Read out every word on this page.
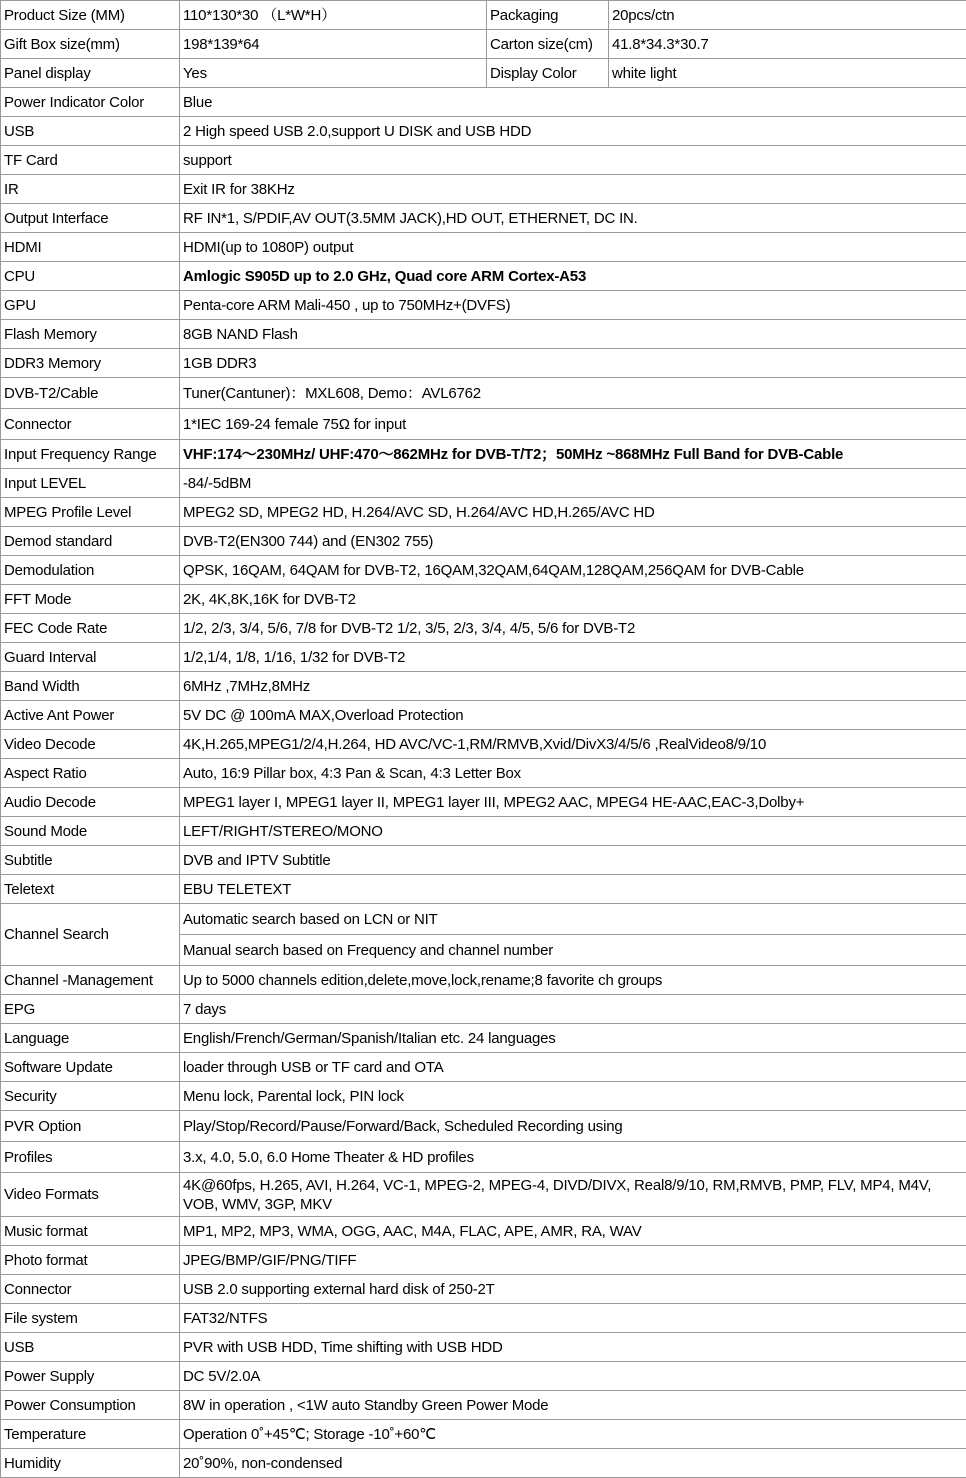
Product Size (MM)	110*130*30 （L*W*H）	Packaging	20pcs/ctn
Gift Box size(mm)	198*139*64	Carton size(cm)	41.8*34.3*30.7
Panel display	Yes	Display Color	white light
Power Indicator Color	Blue		
USB	2 High speed USB 2.0,support U DISK and USB HDD		
TF Card	support		
IR	Exit IR for 38KHz		
Output Interface	RF IN*1, S/PDIF,AV OUT(3.5MM JACK),HD OUT, ETHERNET, DC IN.		
HDMI	HDMI(up to 1080P) output		
CPU	Amlogic S905D up to 2.0 GHz, Quad core ARM Cortex-A53		
GPU	Penta-core ARM Mali-450 , up to 750MHz+(DVFS)		
Flash Memory	8GB NAND Flash		
DDR3 Memory	1GB DDR3		
DVB-T2/Cable	Tuner(Cantuner)：MXL608, Demo：AVL6762		
Connector	1*IEC 169-24 female 75Ω for input		
Input Frequency Range	VHF:174～230MHz/ UHF:470～862MHz for DVB-T/T2；50MHz ~868MHz Full Band for DVB-Cable		
Input LEVEL	-84/-5dBM		
MPEG Profile Level	MPEG2 SD, MPEG2 HD, H.264/AVC SD, H.264/AVC HD,H.265/AVC HD		
Demod standard	DVB-T2(EN300 744) and (EN302 755)		
Demodulation	QPSK, 16QAM, 64QAM for DVB-T2, 16QAM,32QAM,64QAM,128QAM,256QAM for DVB-Cable		
FFT Mode	2K, 4K,8K,16K for DVB-T2		
FEC Code Rate	1/2, 2/3, 3/4, 5/6, 7/8 for DVB-T2 1/2, 3/5, 2/3, 3/4, 4/5, 5/6 for DVB-T2		
Guard Interval	1/2,1/4, 1/8, 1/16, 1/32 for DVB-T2		
Band Width	6MHz ,7MHz,8MHz		
Active Ant Power	5V DC @ 100mA MAX,Overload Protection		
Video Decode	4K,H.265,MPEG1/2/4,H.264, HD AVC/VC-1,RM/RMVB,Xvid/DivX3/4/5/6 ,RealVideo8/9/10		
Aspect Ratio	Auto, 16:9 Pillar box, 4:3 Pan & Scan, 4:3 Letter Box		
Audio Decode	MPEG1 layer I, MPEG1 layer II, MPEG1 layer III, MPEG2 AAC, MPEG4 HE-AAC,EAC-3,Dolby+		
Sound Mode	LEFT/RIGHT/STEREO/MONO		
Subtitle	DVB and IPTV Subtitle		
Teletext	EBU TELETEXT		
Channel Search	Automatic search based on LCN or NIT		
	Manual search based on Frequency and channel number		
Channel -Management	Up to 5000 channels edition,delete,move,lock,rename;8 favorite ch groups		
EPG	7 days		
Language	English/French/German/Spanish/Italian etc. 24 languages		
Software Update	loader through USB or TF card and OTA		
Security	Menu lock, Parental lock, PIN lock		
PVR Option	Play/Stop/Record/Pause/Forward/Back, Scheduled Recording using		
Profiles	3.x, 4.0, 5.0, 6.0 Home Theater & HD profiles		
Video Formats	4K@60fps, H.265, AVI, H.264, VC-1, MPEG-2, MPEG-4, DIVD/DIVX, Real8/9/10, RM,RMVB, PMP, FLV, MP4, M4V, VOB, WMV, 3GP, MKV		
Music format	MP1, MP2, MP3, WMA, OGG, AAC, M4A, FLAC, APE, AMR, RA, WAV		
Photo format	JPEG/BMP/GIF/PNG/TIFF		
Connector	USB 2.0 supporting external hard disk of 250-2T		
File system	FAT32/NTFS		
USB	PVR with USB HDD, Time shifting with USB HDD		
Power Supply	DC 5V/2.0A		
Power Consumption	8W in operation , <1W auto Standby Green Power Mode		
Temperature	Operation 0˚+45℃; Storage -10˚+60℃		
Humidity	20˚90%, non-condensed		
